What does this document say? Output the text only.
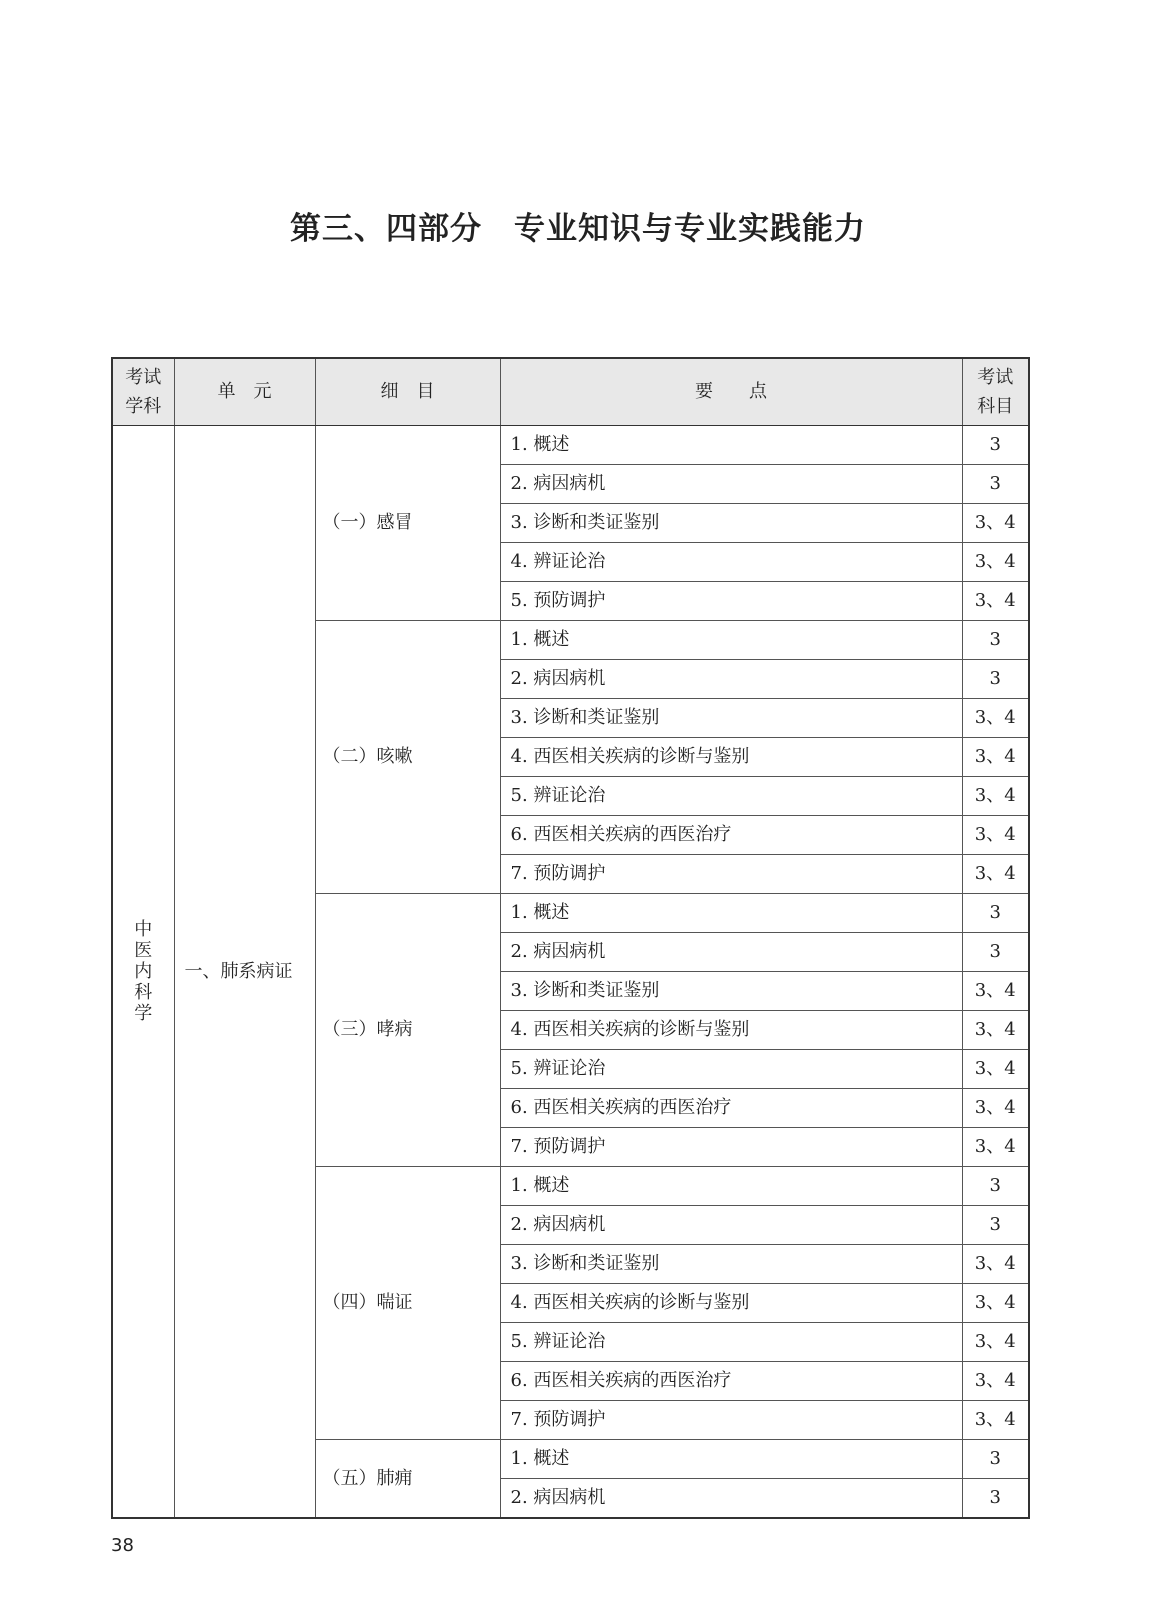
第三、四部分　专业知识与专业实践能力
考试学科	单　元	细　目	要　　点	考试科目
中医内科学	一、肺系病证	（一）感冒	1. 概述	3
			2. 病因病机	3
			3. 诊断和类证鉴别	3、4
			4. 辨证论治	3、4
			5. 预防调护	3、4
		（二）咳嗽	1. 概述	3
			2. 病因病机	3
			3. 诊断和类证鉴别	3、4
			4. 西医相关疾病的诊断与鉴别	3、4
			5. 辨证论治	3、4
			6. 西医相关疾病的西医治疗	3、4
			7. 预防调护	3、4
		（三）哮病	1. 概述	3
			2. 病因病机	3
			3. 诊断和类证鉴别	3、4
			4. 西医相关疾病的诊断与鉴别	3、4
			5. 辨证论治	3、4
			6. 西医相关疾病的西医治疗	3、4
			7. 预防调护	3、4
		（四）喘证	1. 概述	3
			2. 病因病机	3
			3. 诊断和类证鉴别	3、4
			4. 西医相关疾病的诊断与鉴别	3、4
			5. 辨证论治	3、4
			6. 西医相关疾病的西医治疗	3、4
			7. 预防调护	3、4
		（五）肺痈	1. 概述	3
			2. 病因病机	3
38
